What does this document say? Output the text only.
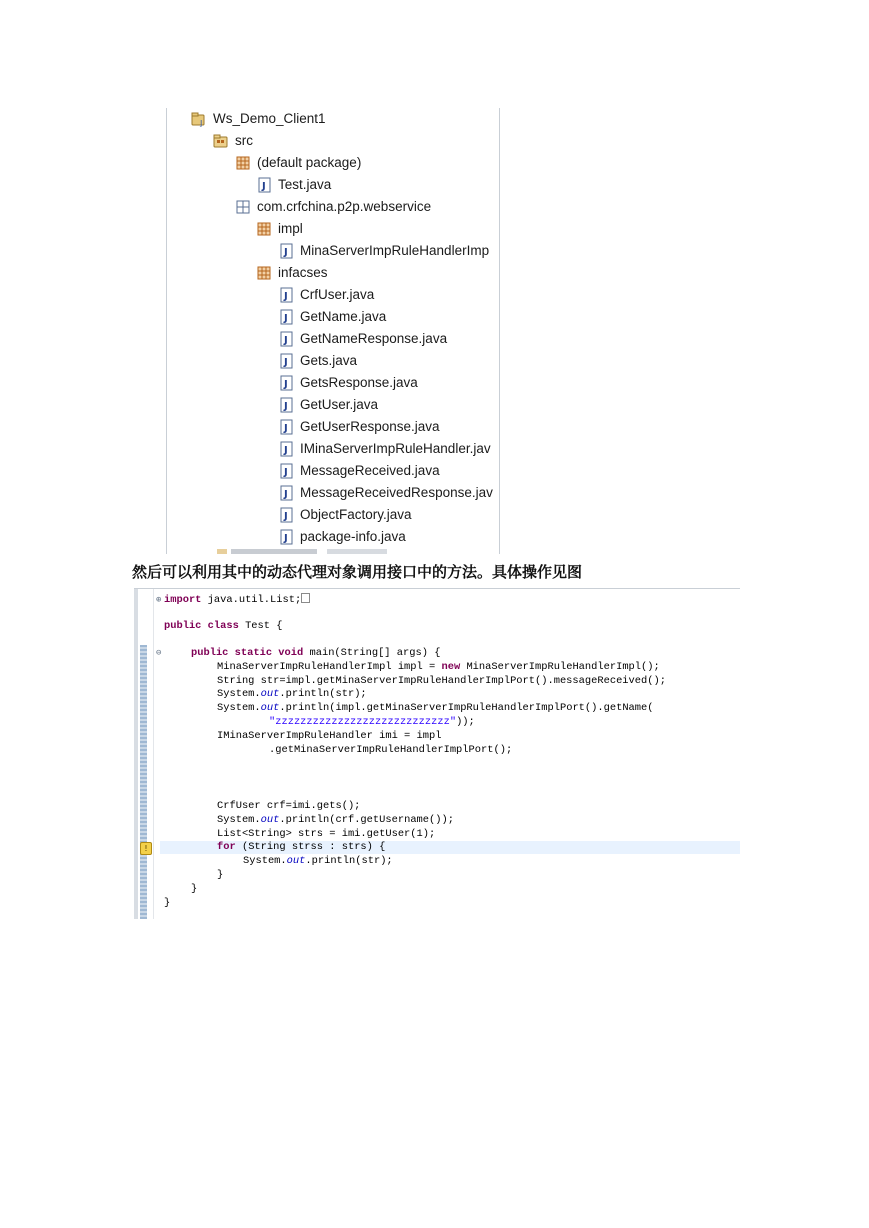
J Ws_Demo_Client1
src
(default package)
J Test.java
com.crfchina.p2p.webservice
impl
J MinaServerImpRuleHandlerImp
infacses
J CrfUser.java
J GetName.java
J GetNameResponse.java
J Gets.java
J GetsResponse.java
J GetUser.java
J GetUserResponse.java
J IMinaServerImpRuleHandler.jav
J MessageReceived.java
J MessageReceivedResponse.jav
J ObjectFactory.java
J package-info.java
然后可以利用其中的动态代理对象调用接口中的方法。具体操作见图
⊕
⊖
!
import java.util.List;
public class Test {
public static void main(String[] args) {
MinaServerImpRuleHandlerImpl impl = new MinaServerImpRuleHandlerImpl();
String str=impl.getMinaServerImpRuleHandlerImplPort().messageReceived();
System.out.println(str);
System.out.println(impl.getMinaServerImpRuleHandlerImplPort().getName(
"zzzzzzzzzzzzzzzzzzzzzzzzzzzz"));
IMinaServerImpRuleHandler imi = impl
.getMinaServerImpRuleHandlerImplPort();
CrfUser crf=imi.gets();
System.out.println(crf.getUsername());
List<String> strs = imi.getUser(1);
for (String strss : strs) {
System.out.println(str);
}
}
}
